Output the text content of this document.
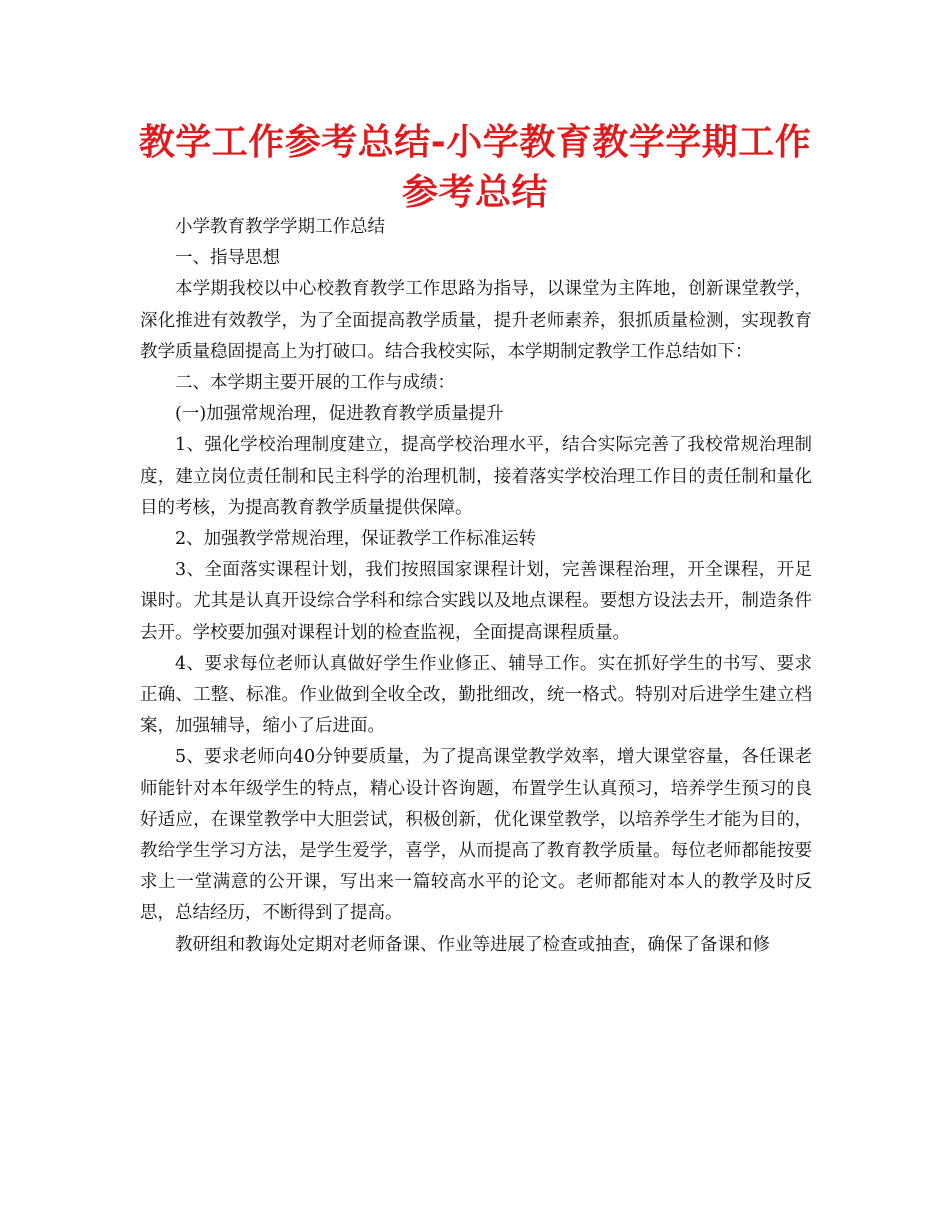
教学工作参考总结-小学教育教学学期工作参考总结

小学教育教学学期工作总结

一、指导思想

本学期我校以中心校教育教学工作思路为指导，以课堂为主阵地，创新课堂教学，深化推进有效教学，为了全面提高教学质量，提升老师素养，狠抓质量检测，实现教育教学质量稳固提高上为打破口。结合我校实际，本学期制定教学工作总结如下：

二、本学期主要开展的工作与成绩：

(一)加强常规治理，促进教育教学质量提升

1、强化学校治理制度建立，提高学校治理水平，结合实际完善了我校常规治理制度，建立岗位责任制和民主科学的治理机制，接着落实学校治理工作目的责任制和量化目的考核，为提高教育教学质量提供保障。

2、加强教学常规治理，保证教学工作标准运转

3、全面落实课程计划，我们按照国家课程计划，完善课程治理，开全课程，开足课时。尤其是认真开设综合学科和综合实践以及地点课程。要想方设法去开，制造条件去开。学校要加强对课程计划的检查监视，全面提高课程质量。

4、要求每位老师认真做好学生作业修正、辅导工作。实在抓好学生的书写、要求正确、工整、标准。作业做到全收全改，勤批细改，统一格式。特别对后进学生建立档案，加强辅导，缩小了后进面。

5、要求老师向40分钟要质量，为了提高课堂教学效率，增大课堂容量，各任课老师能针对本年级学生的特点，精心设计咨询题，布置学生认真预习，培养学生预习的良好适应，在课堂教学中大胆尝试，积极创新，优化课堂教学，以培养学生才能为目的，教给学生学习方法，是学生爱学，喜学，从而提高了教育教学质量。每位老师都能按要求上一堂满意的公开课，写出来一篇较高水平的论文。老师都能对本人的教学及时反思，总结经历，不断得到了提高。

教研组和教诲处定期对老师备课、作业等进展了检查或抽查，确保了备课和修
